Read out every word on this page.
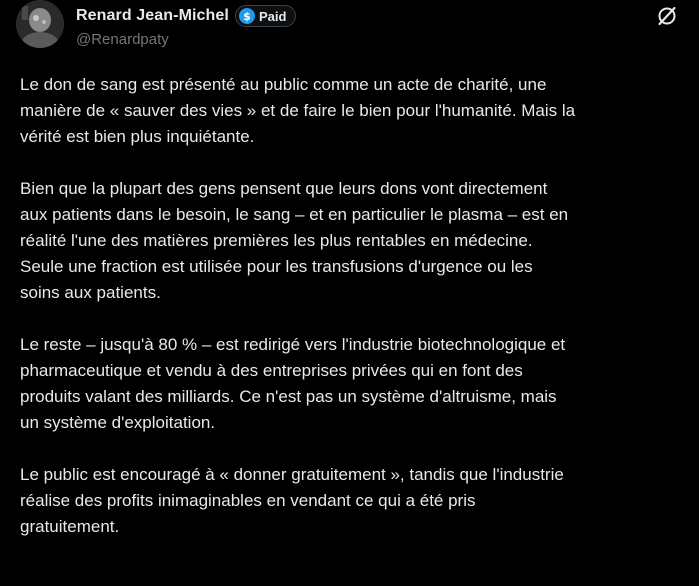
Renard Jean-Michel $ Paid
@Renardpaty

Le don de sang est présenté au public comme un acte de charité, une
manière de « sauver des vies » et de faire le bien pour l'humanité. Mais la
vérité est bien plus inquiétante.

Bien que la plupart des gens pensent que leurs dons vont directement
aux patients dans le besoin, le sang – et en particulier le plasma – est en
réalité l'une des matières premières les plus rentables en médecine.
Seule une fraction est utilisée pour les transfusions d'urgence ou les
soins aux patients.

Le reste – jusqu'à 80 % – est redirigé vers l'industrie biotechnologique et
pharmaceutique et vendu à des entreprises privées qui en font des
produits valant des milliards. Ce n'est pas un système d'altruisme, mais
un système d'exploitation.

Le public est encouragé à « donner gratuitement », tandis que l'industrie
réalise des profits inimaginables en vendant ce qui a été pris
gratuitement.
